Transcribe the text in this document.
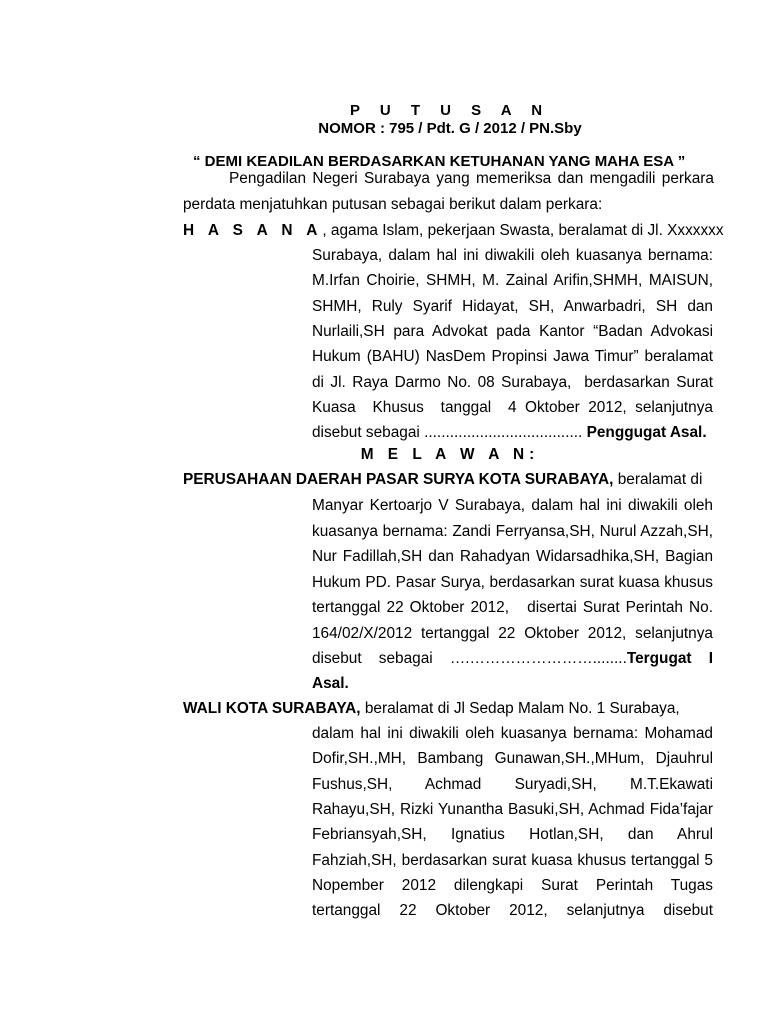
P U T U S A N
NOMOR : 795 / Pdt. G / 2012 / PN.Sby
“ DEMI KEADILAN BERDASARKAN KETUHANAN YANG MAHA ESA ”
Pengadilan Negeri Surabaya yang memeriksa dan mengadili perkara
perdata menjatuhkan putusan sebagai berikut dalam perkara:
H A S A N A, agama Islam, pekerjaan Swasta, beralamat di Jl. Xxxxxxx
Surabaya, dalam hal ini diwakili oleh kuasanya bernama:
M.Irfan Choirie, SHMH, M. Zainal Arifin,SHMH, MAISUN,
SHMH, Ruly Syarif Hidayat, SH, Anwarbadri, SH dan
Nurlaili,SH para Advokat pada Kantor “Badan Advokasi
Hukum (BAHU) NasDem Propinsi Jawa Timur” beralamat
di Jl. Raya Darmo No. 08 Surabaya,  berdasarkan Surat
Kuasa  Khusus  tanggal  4 Oktober 2012, selanjutnya
disebut sebagai ..................................... Penggugat Asal.
M E L A W A N:
PERUSAHAAN DAERAH PASAR SURYA KOTA SURABAYA, beralamat di
Manyar Kertoarjo V Surabaya, dalam hal ini diwakili oleh
kuasanya bernama: Zandi Ferryansa,SH, Nurul Azzah,SH,
Nur Fadillah,SH dan Rahadyan Widarsadhika,SH, Bagian
Hukum PD. Pasar Surya, berdasarkan surat kuasa khusus
tertanggal 22 Oktober 2012,   disertai Surat Perintah No.
164/02/X/2012 tertanggal 22 Oktober 2012, selanjutnya
disebut sebagai ….……………………........Tergugat I
Asal.
WALI KOTA SURABAYA, beralamat di Jl Sedap Malam No. 1 Surabaya,
dalam hal ini diwakili oleh kuasanya bernama: Mohamad
Dofir,SH.,MH, Bambang Gunawan,SH.,MHum, Djauhrul
Fushus,SH,       Achmad       Suryadi,SH,       M.T.Ekawati
Rahayu,SH, Rizki Yunantha Basuki,SH, Achmad Fida’fajar
Febriansyah,SH,    Ignatius    Hotlan,SH,    dan    Ahrul
Fahziah,SH, berdasarkan surat kuasa khusus tertanggal 5
Nopember  2012  dilengkapi  Surat  Perintah  Tugas
tertanggal  22  Oktober  2012,  selanjutnya  disebut
